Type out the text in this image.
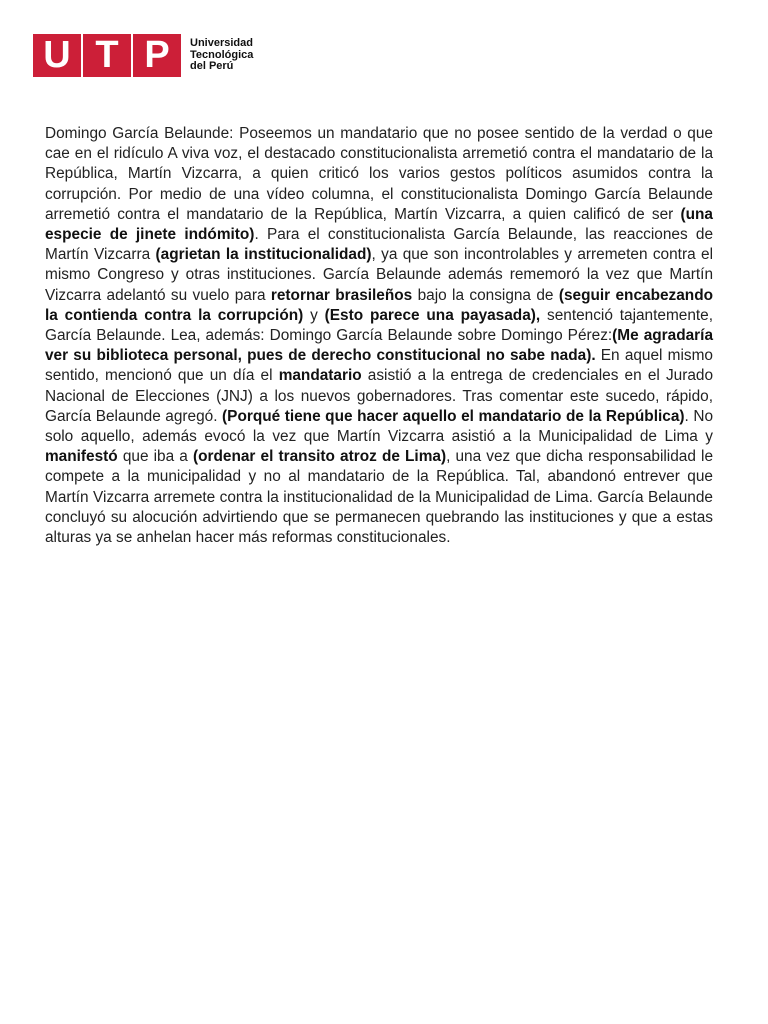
U T P	Universidad
Tecnológica
del Perú

Domingo García Belaunde: Poseemos un mandatario que no posee sentido de la verdad o que cae en el ridículo A viva voz, el destacado constitucionalista arremetió contra el mandatario de la República, Martín Vizcarra, a quien criticó los varios gestos políticos asumidos contra la corrupción. Por medio de una vídeo columna, el constitucionalista Domingo García Belaunde arremetió contra el mandatario de la República, Martín Vizcarra, a quien calificó de ser (una especie de jinete indómito). Para el constitucionalista García Belaunde, las reacciones de Martín Vizcarra (agrietan la institucionalidad), ya que son incontrolables y arremeten contra el mismo Congreso y otras instituciones. García Belaunde además rememoró la vez que Martín Vizcarra adelantó su vuelo para retornar brasileños bajo la consigna de (seguir encabezando la contienda contra la corrupción) y (Esto parece una payasada), sentenció tajantemente, García Belaunde. Lea, además: Domingo García Belaunde sobre Domingo Pérez:(Me agradaría ver su biblioteca personal, pues de derecho constitucional no sabe nada). En aquel mismo sentido, mencionó que un día el mandatario asistió a la entrega de credenciales en el Jurado Nacional de Elecciones (JNJ) a los nuevos gobernadores. Tras comentar este sucedo, rápido, García Belaunde agregó. (Porqué tiene que hacer aquello el mandatario de la República). No solo aquello, además evocó la vez que Martín Vizcarra asistió a la Municipalidad de Lima y manifestó que iba a (ordenar el transito atroz de Lima), una vez que dicha responsabilidad le compete a la municipalidad y no al mandatario de la República. Tal, abandonó entrever que Martín Vizcarra arremete contra la institucionalidad de la Municipalidad de Lima. García Belaunde concluyó su alocución advirtiendo que se permanecen quebrando las instituciones y que a estas alturas ya se anhelan hacer más reformas constitucionales.
